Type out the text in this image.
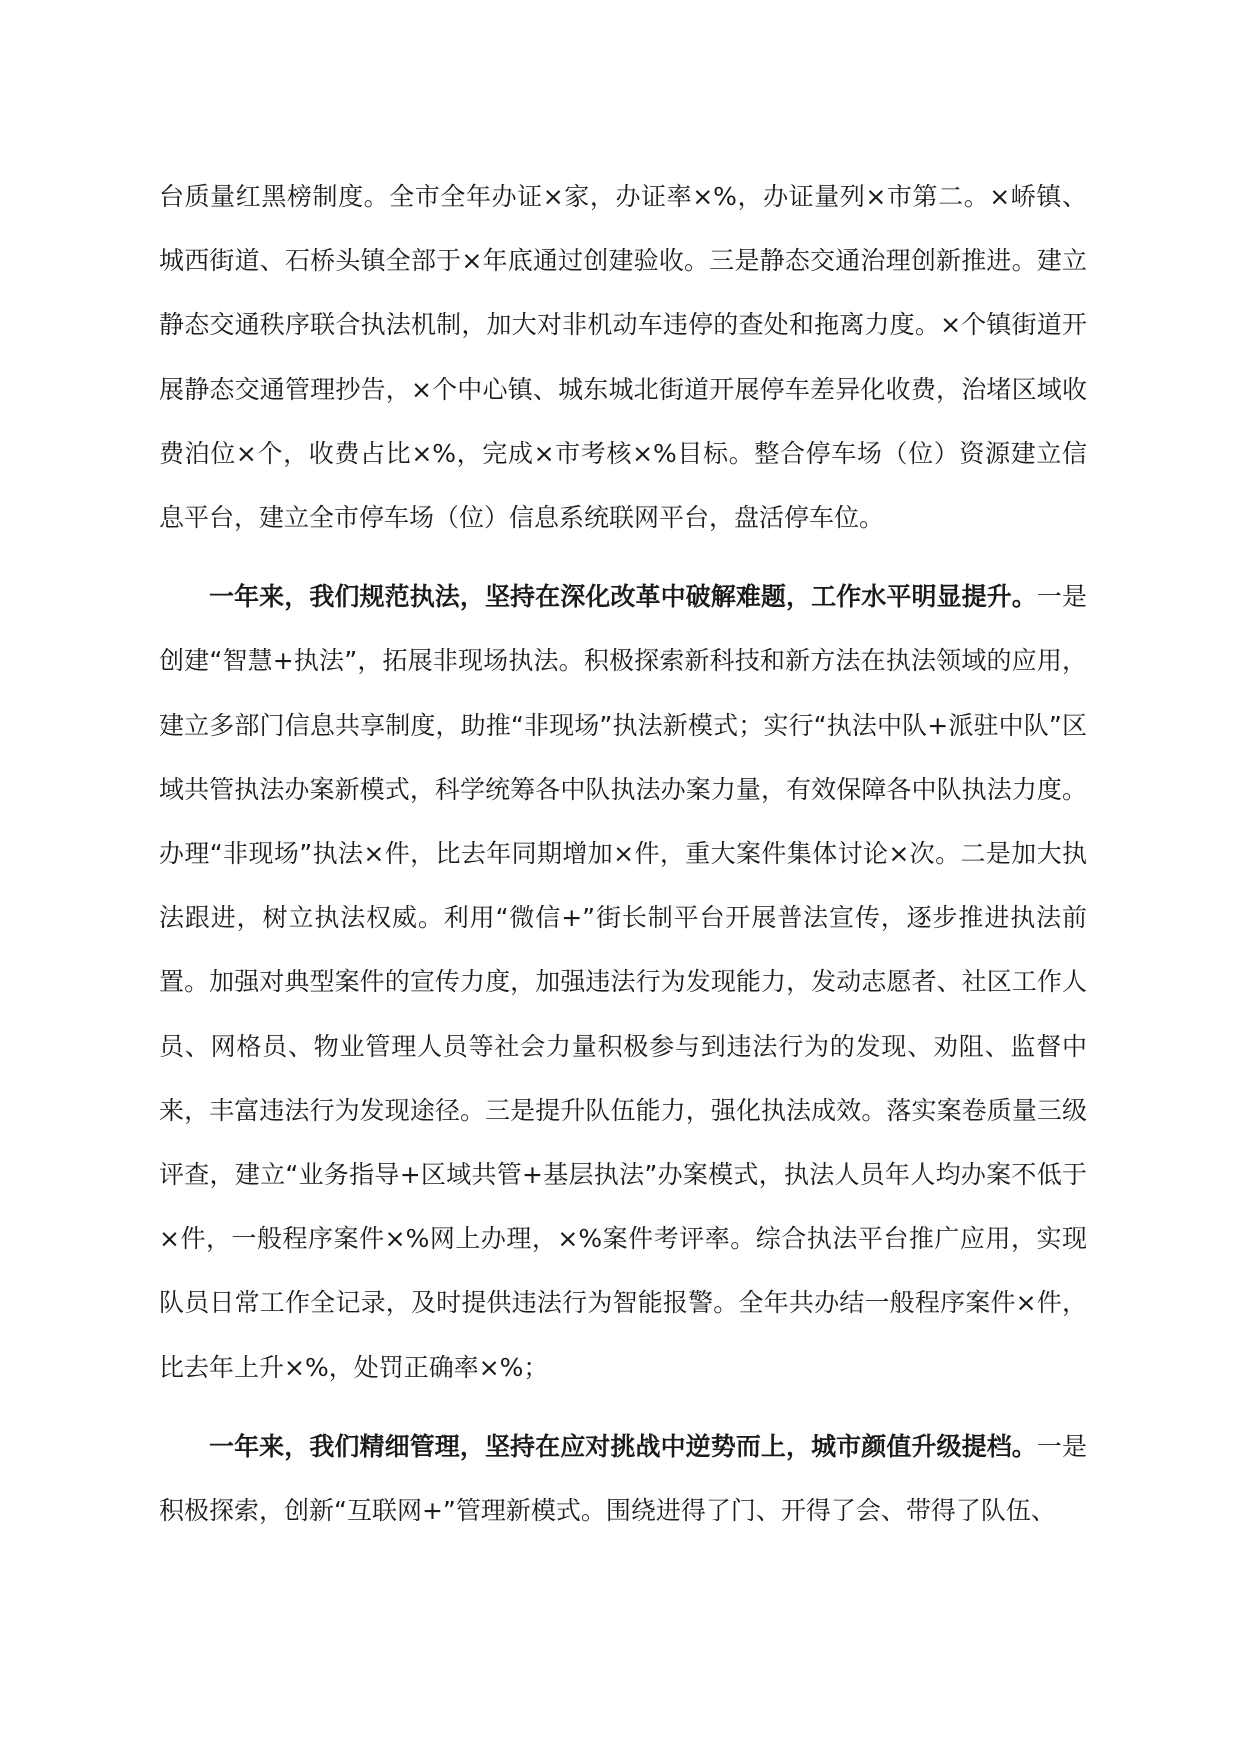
台质量红黑榜制度。全市全年办证×家，办证率×%，办证量列×市第二。×峤镇、城西街道、石桥头镇全部于×年底通过创建验收。三是静态交通治理创新推进。建立静态交通秩序联合执法机制，加大对非机动车违停的查处和拖离力度。×个镇街道开展静态交通管理抄告，×个中心镇、城东城北街道开展停车差异化收费，治堵区域收费泊位×个，收费占比×%，完成×市考核×%目标。整合停车场（位）资源建立信息平台，建立全市停车场（位）信息系统联网平台，盘活停车位。

一年来，我们规范执法，坚持在深化改革中破解难题，工作水平明显提升。一是创建“智慧+执法”，拓展非现场执法。积极探索新科技和新方法在执法领域的应用，建立多部门信息共享制度，助推“非现场”执法新模式；实行“执法中队+派驻中队”区域共管执法办案新模式，科学统筹各中队执法办案力量，有效保障各中队执法力度。办理“非现场”执法×件，比去年同期增加×件，重大案件集体讨论×次。二是加大执法跟进，树立执法权威。利用“微信+”街长制平台开展普法宣传，逐步推进执法前置。加强对典型案件的宣传力度，加强违法行为发现能力，发动志愿者、社区工作人员、网格员、物业管理人员等社会力量积极参与到违法行为的发现、劝阻、监督中来，丰富违法行为发现途径。三是提升队伍能力，强化执法成效。落实案卷质量三级评查，建立“业务指导+区域共管+基层执法”办案模式，执法人员年人均办案不低于×件，一般程序案件×%网上办理，×%案件考评率。综合执法平台推广应用，实现队员日常工作全记录，及时提供违法行为智能报警。全年共办结一般程序案件×件，比去年上升×%，处罚正确率×%；

一年来，我们精细管理，坚持在应对挑战中逆势而上，城市颜值升级提档。一是积极探索，创新“互联网+”管理新模式。围绕进得了门、开得了会、带得了队伍、
